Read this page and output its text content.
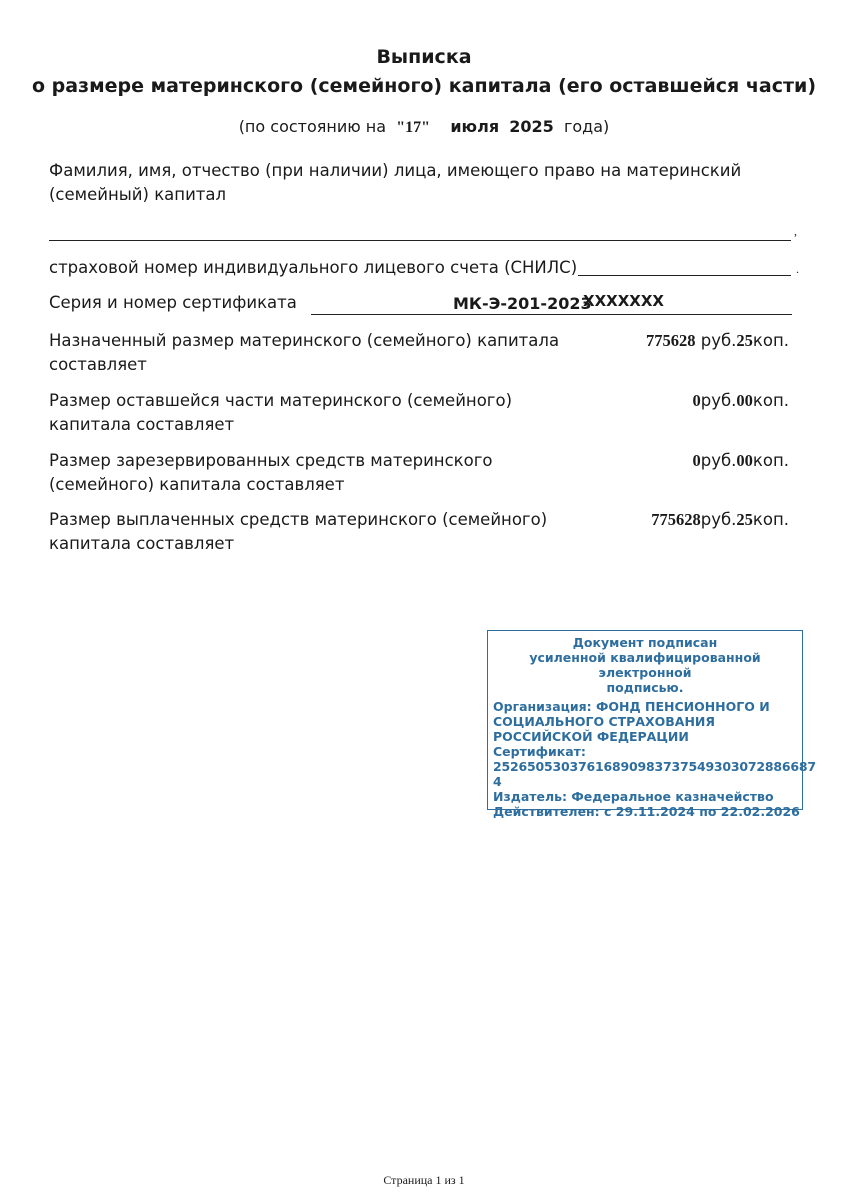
Выписка
о размере материнского (семейного) капитала (его оставшейся части)
(по состоянию на "17" июля 2025 года)
Фамилия, имя, отчество (при наличии) лица, имеющего право на материнский
(семейный) капитал
,
страховой номер индивидуального лицевого счета (СНИЛС)	.
Серия и номер сертификата	МК-Э-201-2023
XXXXXXX
Назначенный размер материнского (семейного) капитала
составляет
775628 руб.25коп.
Размер оставшейся части материнского (семейного)
капитала составляет
0руб.00коп.
Размер зарезервированных средств материнского
(семейного) капитала составляет
0руб.00коп.
Размер выплаченных средств материнского (семейного)
капитала составляет
775628руб.25коп.
Документ подписан
усиленной квалифицированной
электронной
подписью.
Организация: ФОНД ПЕНСИОННОГО И
СОЦИАЛЬНОГО СТРАХОВАНИЯ
РОССИЙСКОЙ ФЕДЕРАЦИИ
Сертификат:
25265053037616890983737549303072886687​4
Издатель: Федеральное казначейство
Действителен: с 29.11.2024 по 22.02.2026
Страница 1 из 1
